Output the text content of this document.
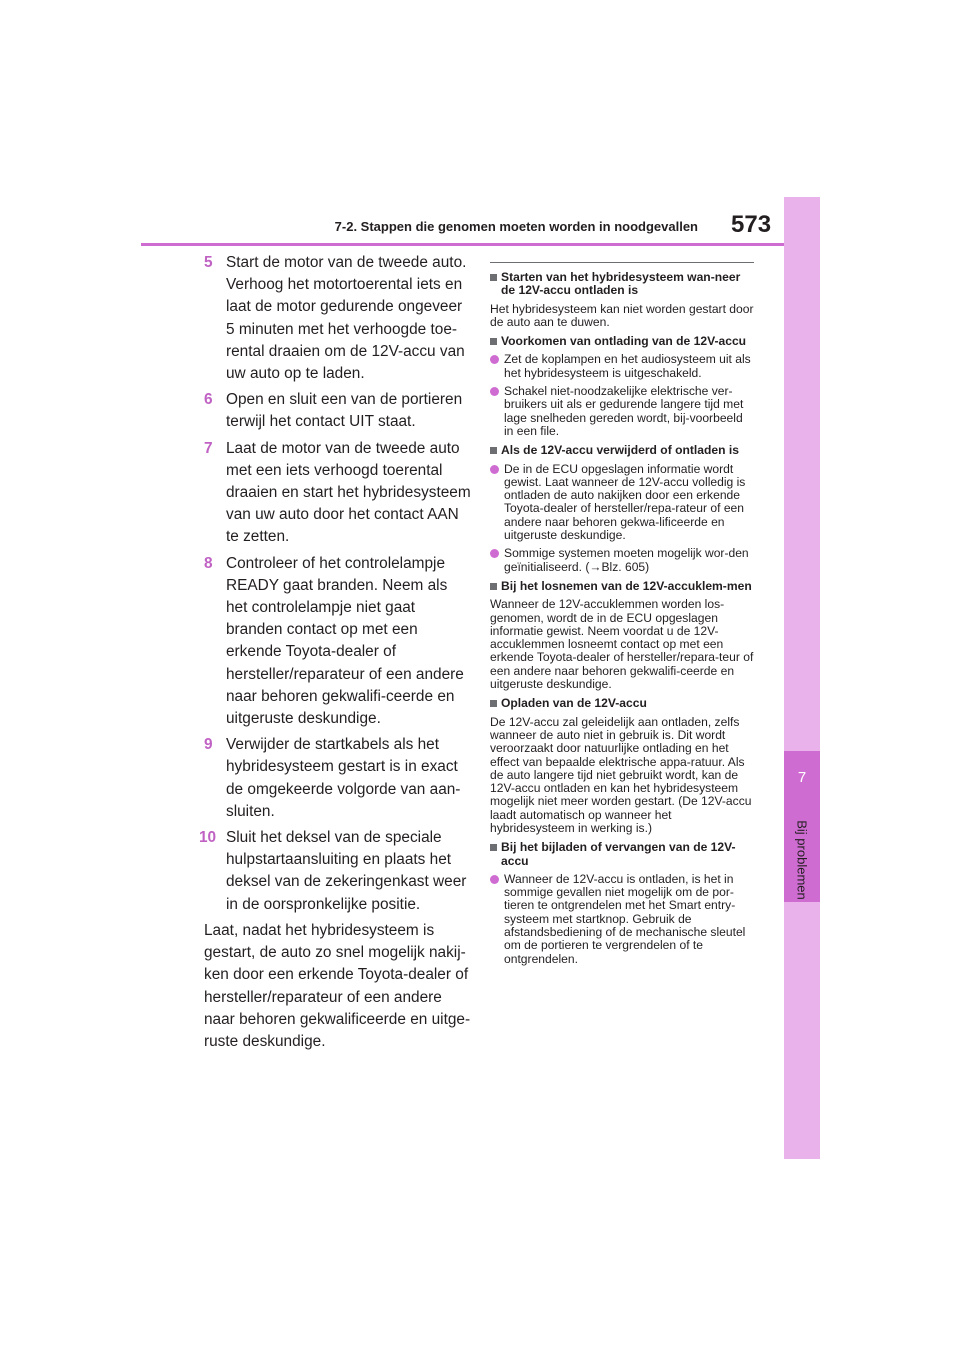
7
Bij problemen
7-2. Stappen die genomen moeten worden in noodgevallen 573
5 Start de motor van de tweede auto. Verhoog het motortoerental iets en laat de motor gedurende ongeveer 5 minuten met het verhoogde toe-rental draaien om de 12V-accu van uw auto op te laden.
6 Open en sluit een van de portieren terwijl het contact UIT staat.
7 Laat de motor van de tweede auto met een iets verhoogd toerental draaien en start het hybridesysteem van uw auto door het contact AAN te zetten.
8 Controleer of het controlelampje READY gaat branden. Neem als het controlelampje niet gaat branden contact op met een erkende Toyota-dealer of hersteller/reparateur of een andere naar behoren gekwalifi-ceerde en uitgeruste deskundige.
9 Verwijder de startkabels als het hybridesysteem gestart is in exact de omgekeerde volgorde van aan-sluiten.
10 Sluit het deksel van de speciale hulpstartaansluiting en plaats het deksel van de zekeringenkast weer in de oorspronkelijke positie.
Laat, nadat het hybridesysteem is gestart, de auto zo snel mogelijk nakij-ken door een erkende Toyota-dealer of hersteller/reparateur of een andere naar behoren gekwalificeerde en uitge-ruste deskundige.
Starten van het hybridesysteem wan-neer de 12V-accu ontladen is
Het hybridesysteem kan niet worden gestart door de auto aan te duwen.
Voorkomen van ontlading van de 12V-accu
Zet de koplampen en het audiosysteem uit als het hybridesysteem is uitgeschakeld.
Schakel niet-noodzakelijke elektrische ver-bruikers uit als er gedurende langere tijd met lage snelheden gereden wordt, bij-voorbeeld in een file.
Als de 12V-accu verwijderd of ontladen is
De in de ECU opgeslagen informatie wordt gewist. Laat wanneer de 12V-accu volledig is ontladen de auto nakijken door een erkende Toyota-dealer of hersteller/repa-rateur of een andere naar behoren gekwa-lificeerde en uitgeruste deskundige.
Sommige systemen moeten mogelijk wor-den geïnitialiseerd. (→Blz. 605)
Bij het losnemen van de 12V-accuklem-men
Wanneer de 12V-accuklemmen worden los-genomen, wordt de in de ECU opgeslagen informatie gewist. Neem voordat u de 12V-accuklemmen losneemt contact op met een erkende Toyota-dealer of hersteller/repara-teur of een andere naar behoren gekwalifi-ceerde en uitgeruste deskundige.
Opladen van de 12V-accu
De 12V-accu zal geleidelijk aan ontladen, zelfs wanneer de auto niet in gebruik is. Dit wordt veroorzaakt door natuurlijke ontlading en het effect van bepaalde elektrische appa-ratuur. Als de auto langere tijd niet gebruikt wordt, kan de 12V-accu ontladen en kan het hybridesysteem mogelijk niet meer worden gestart. (De 12V-accu laadt automatisch op wanneer het hybridesysteem in werking is.)
Bij het bijladen of vervangen van de 12V-accu
Wanneer de 12V-accu is ontladen, is het in sommige gevallen niet mogelijk om de por-tieren te ontgrendelen met het Smart entry-systeem met startknop. Gebruik de afstandsbediening of de mechanische sleutel om de portieren te vergrendelen of te ontgrendelen.
